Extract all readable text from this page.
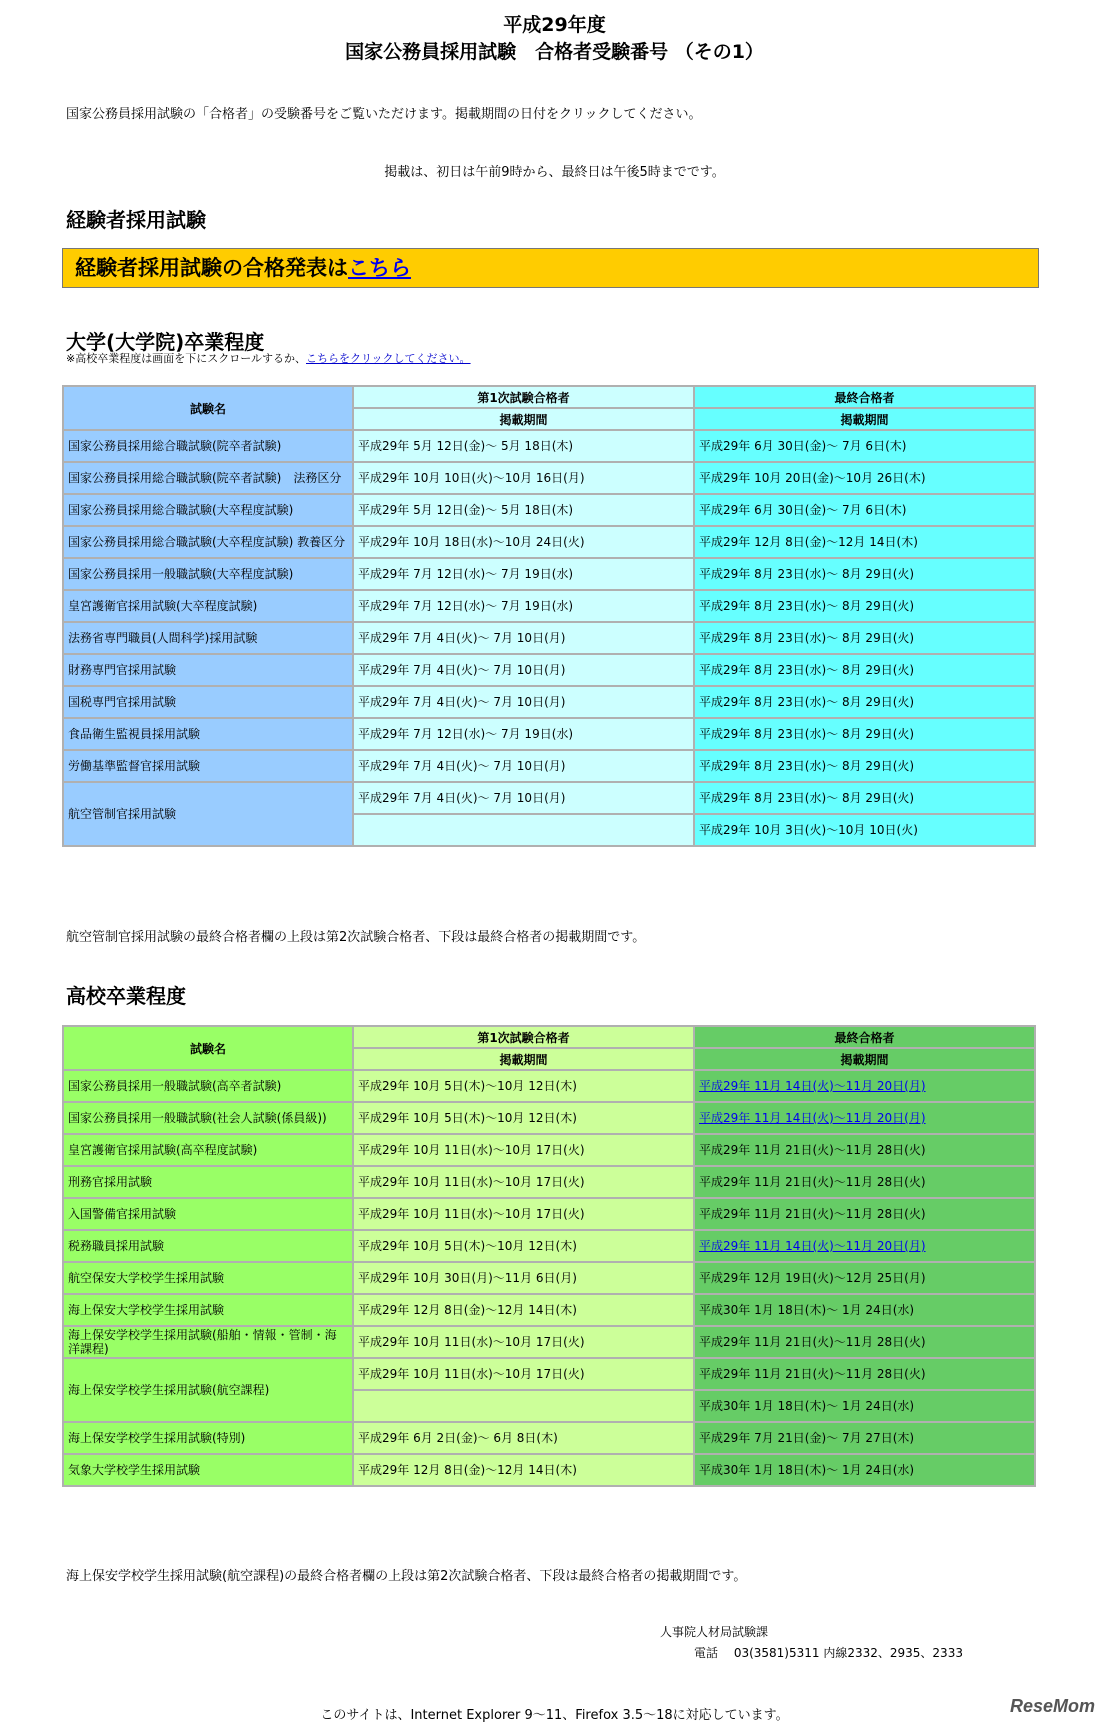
平成29年度
国家公務員採用試験　合格者受験番号 （その1）
国家公務員採用試験の「合格者」の受験番号をご覧いただけます。掲載期間の日付をクリックしてください。
掲載は、初日は午前9時から、最終日は午後5時までです。
経験者採用試験
経験者採用試験の合格発表はこちら
大学(大学院)卒業程度
※高校卒業程度は画面を下にスクロールするか、こちらをクリックしてください。
試験名	第1次試験合格者	最終合格者
	掲載期間	掲載期間
国家公務員採用総合職試験(院卒者試験)	平成29年 5月 12日(金)～ 5月 18日(木)	平成29年 6月 30日(金)～ 7月 6日(木)
国家公務員採用総合職試験(院卒者試験)　法務区分	平成29年 10月 10日(火)～10月 16日(月)	平成29年 10月 20日(金)～10月 26日(木)
国家公務員採用総合職試験(大卒程度試験)	平成29年 5月 12日(金)～ 5月 18日(木)	平成29年 6月 30日(金)～ 7月 6日(木)
国家公務員採用総合職試験(大卒程度試験) 教養区分	平成29年 10月 18日(水)～10月 24日(火)	平成29年 12月 8日(金)～12月 14日(木)
国家公務員採用一般職試験(大卒程度試験)	平成29年 7月 12日(水)～ 7月 19日(水)	平成29年 8月 23日(水)～ 8月 29日(火)
皇宮護衛官採用試験(大卒程度試験)	平成29年 7月 12日(水)～ 7月 19日(水)	平成29年 8月 23日(水)～ 8月 29日(火)
法務省専門職員(人間科学)採用試験	平成29年 7月 4日(火)～ 7月 10日(月)	平成29年 8月 23日(水)～ 8月 29日(火)
財務専門官採用試験	平成29年 7月 4日(火)～ 7月 10日(月)	平成29年 8月 23日(水)～ 8月 29日(火)
国税専門官採用試験	平成29年 7月 4日(火)～ 7月 10日(月)	平成29年 8月 23日(水)～ 8月 29日(火)
食品衛生監視員採用試験	平成29年 7月 12日(水)～ 7月 19日(水)	平成29年 8月 23日(水)～ 8月 29日(火)
労働基準監督官採用試験	平成29年 7月 4日(火)～ 7月 10日(月)	平成29年 8月 23日(水)～ 8月 29日(火)
航空管制官採用試験	平成29年 7月 4日(火)～ 7月 10日(月)	平成29年 8月 23日(水)～ 8月 29日(火)
		平成29年 10月 3日(火)～10月 10日(火)
航空管制官採用試験の最終合格者欄の上段は第2次試験合格者、下段は最終合格者の掲載期間です。
高校卒業程度
試験名	第1次試験合格者	最終合格者
	掲載期間	掲載期間
国家公務員採用一般職試験(高卒者試験)	平成29年 10月 5日(木)～10月 12日(木)	平成29年 11月 14日(火)～11月 20日(月)
国家公務員採用一般職試験(社会人試験(係員級))	平成29年 10月 5日(木)～10月 12日(木)	平成29年 11月 14日(火)～11月 20日(月)
皇宮護衛官採用試験(高卒程度試験)	平成29年 10月 11日(水)～10月 17日(火)	平成29年 11月 21日(火)～11月 28日(火)
刑務官採用試験	平成29年 10月 11日(水)～10月 17日(火)	平成29年 11月 21日(火)～11月 28日(火)
入国警備官採用試験	平成29年 10月 11日(水)～10月 17日(火)	平成29年 11月 21日(火)～11月 28日(火)
税務職員採用試験	平成29年 10月 5日(木)～10月 12日(木)	平成29年 11月 14日(火)～11月 20日(月)
航空保安大学校学生採用試験	平成29年 10月 30日(月)～11月 6日(月)	平成29年 12月 19日(火)～12月 25日(月)
海上保安大学校学生採用試験	平成29年 12月 8日(金)～12月 14日(木)	平成30年 1月 18日(木)～ 1月 24日(水)
海上保安学校学生採用試験(船舶・情報・管制・海洋課程)	平成29年 10月 11日(水)～10月 17日(火)	平成29年 11月 21日(火)～11月 28日(火)
海上保安学校学生採用試験(航空課程)	平成29年 10月 11日(水)～10月 17日(火)	平成29年 11月 21日(火)～11月 28日(火)
		平成30年 1月 18日(木)～ 1月 24日(水)
海上保安学校学生採用試験(特別)	平成29年 6月 2日(金)～ 6月 8日(木)	平成29年 7月 21日(金)～ 7月 27日(木)
気象大学校学生採用試験	平成29年 12月 8日(金)～12月 14日(木)	平成30年 1月 18日(木)～ 1月 24日(水)
海上保安学校学生採用試験(航空課程)の最終合格者欄の上段は第2次試験合格者、下段は最終合格者の掲載期間です。
人事院人材局試験課
電話　 03(3581)5311 内線2332、2935、2333
このサイトは、Internet Explorer 9～11、Firefox 3.5～18に対応しています。	ReseMom
